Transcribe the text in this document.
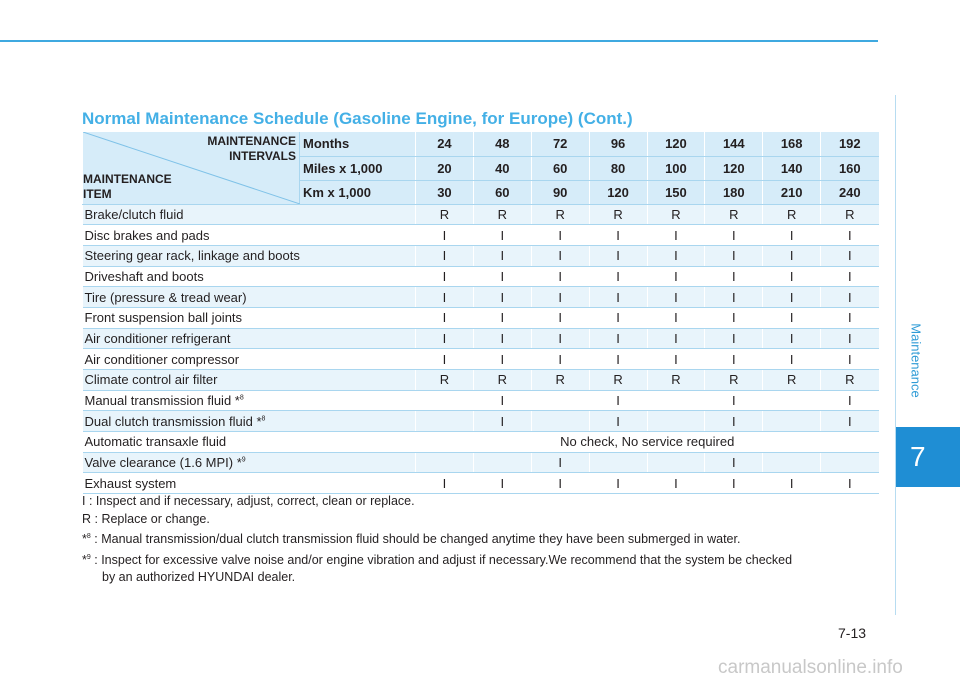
Maintenance
7
Normal Maintenance Schedule (Gasoline Engine, for Europe) (Cont.)
MAINTENANCE
INTERVALS
MAINTENANCE
ITEM	Months	24	48	72	96	120	144	168	192
	Miles x 1,000	20	40	60	80	100	120	140	160
	Km x 1,000	30	60	90	120	150	180	210	240
Brake/clutch fluid		R	R	R	R	R	R	R	R
Disc brakes and pads		I	I	I	I	I	I	I	I
Steering gear rack, linkage and boots		I	I	I	I	I	I	I	I
Driveshaft and boots		I	I	I	I	I	I	I	I
Tire (pressure & tread wear)		I	I	I	I	I	I	I	I
Front suspension ball joints		I	I	I	I	I	I	I	I
Air conditioner refrigerant		I	I	I	I	I	I	I	I
Air conditioner compressor		I	I	I	I	I	I	I	I
Climate control air filter		R	R	R	R	R	R	R	R
Manual transmission fluid *$^8$			I		I		I		I
Dual clutch transmission fluid *$^8$			I		I		I		I
Automatic transaxle fluid		No check, No service required							
Valve clearance (1.6 MPI) *$^9$				I			I		
Exhaust system		I	I	I	I	I	I	I	I
I : Inspect and if necessary, adjust, correct, clean or replace.
R : Replace or change.
*$^8$ : Manual transmission/dual clutch transmission fluid should be changed anytime they have been submerged in water.
*$^9$ : Inspect for excessive valve noise and/or engine vibration and adjust if necessary.We recommend that the system be checked
by an authorized HYUNDAI dealer.
7-13
carmanualsonline.info
